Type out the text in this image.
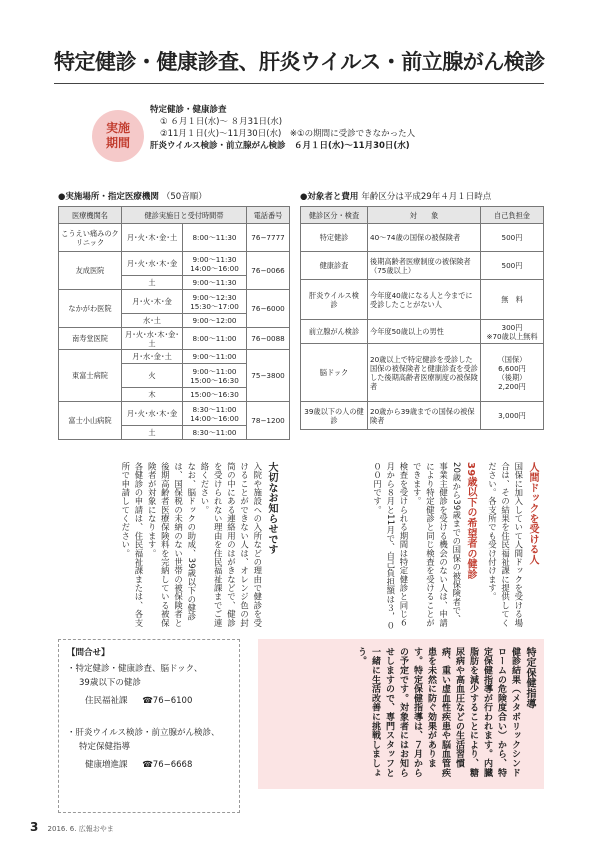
特定健診・健康診査、肝炎ウイルス・前立腺がん検診
実施
期間
特定健診・健康診査
① ６月１日(水)～ ８月31日(水)
②11月１日(火)～11月30日(水)　※①の期間に受診できなかった人
肝炎ウイルス検診・前立腺がん検診　６月１日(水)～11月30日(水)
●実施場所・指定医療機関 （50音順）
医療機関名	健診実施日と受付時間帯		電話番号
こうえい痛みのクリニック	月･火･木･金･土	8:00～11:30	76−7777
友成医院	月･火･水･木･金	9:00～11:30
14:00～16:00	76−0066
	土	9:00～11:30	
なかがわ医院	月･火･木･金	9:00～12:30
15:30～17:00	76−6000
	水･土	9:00～12:00	
南寿堂医院	月･火･水･木･金･土	8:00～11:00	76−0088
東富士病院	月･水･金･土	9:00～11:00	75−3800
	火	9:00～11:00
15:00～16:30	
	木	15:00～16:30	
富士小山病院	月･火･水･木･金	8:30～11:00
14:00～16:00	78−1200
	土	8:30～11:00	
●対象者と費用 年齢区分は平成29年４月１日時点
健診区分・検査	対　　象	自己負担金
特定健診	40～74歳の国保の被保険者	500円
健康診査	後期高齢者医療制度の被保険者（75歳以上）	500円
肝炎ウイルス検　診	今年度40歳になる人と今までに受診したことがない人	無　料
前立腺がん検診	今年度50歳以上の男性	300円
※70歳以上無料
脳ドック	20歳以上で特定健診を受診した国保の被保険者と健康診査を受診した後期高齢者医療制度の被保険者	（国保）
6,600円
（後期）
2,200円
39歳以下の人の健　診	20歳から39歳までの国保の被保険者	3,000円
人間ドックを受ける人
国保に加入していて人間ドックを受ける場合は、その結果を住民福祉課に提供してください。各支所でも受け付けます。
39歳以下の希望者の健診
20歳から39歳までの国保の被保険者で、事業主健診を受ける機会のない人は、申請により特定健診と同じ検査を受けることができます。
検査を受けられる期間は特定健診と同じ６月から８月と11月で、自己負担額は３，０００円です。
大切なお知らせです
入院や施設への入所などの理由で健診を受けることができない人は、オレンジ色の封筒の中にある連絡用のはがきなどで、健診を受けられない理由を住民福祉課までご連絡ください。
なお、脳ドックの助成、39歳以下の健診は、国保税の未納のない世帯の被保険者と後期高齢者医療保険料を完納している被保険者が対象になります。
各健診の申請は、住民福祉課または、各支所で申請してください。
【問合せ】
・特定健診・健康診査、脳ドック、
39歳以下の健診
住民福祉課 ☎76−6100
・肝炎ウイルス検診・前立腺がん検診、
特定保健指導
健康増進課 ☎76−6668
特定保健指導
健診結果（メタボリックシンドロームの危険度合い）から、特定保健指導が行われます。内臓脂肪を減少することにより、糖尿病や高血圧などの生活習慣病、重い虚血性疾患や脳血管疾患を未然に防ぐ効果があります。特定保健指導は、７月からの予定です。対象者にはお知らせしますので、専門スタッフと一緒に生活改善に挑戦しましょう。
3 2016. 6. 広報おやま
